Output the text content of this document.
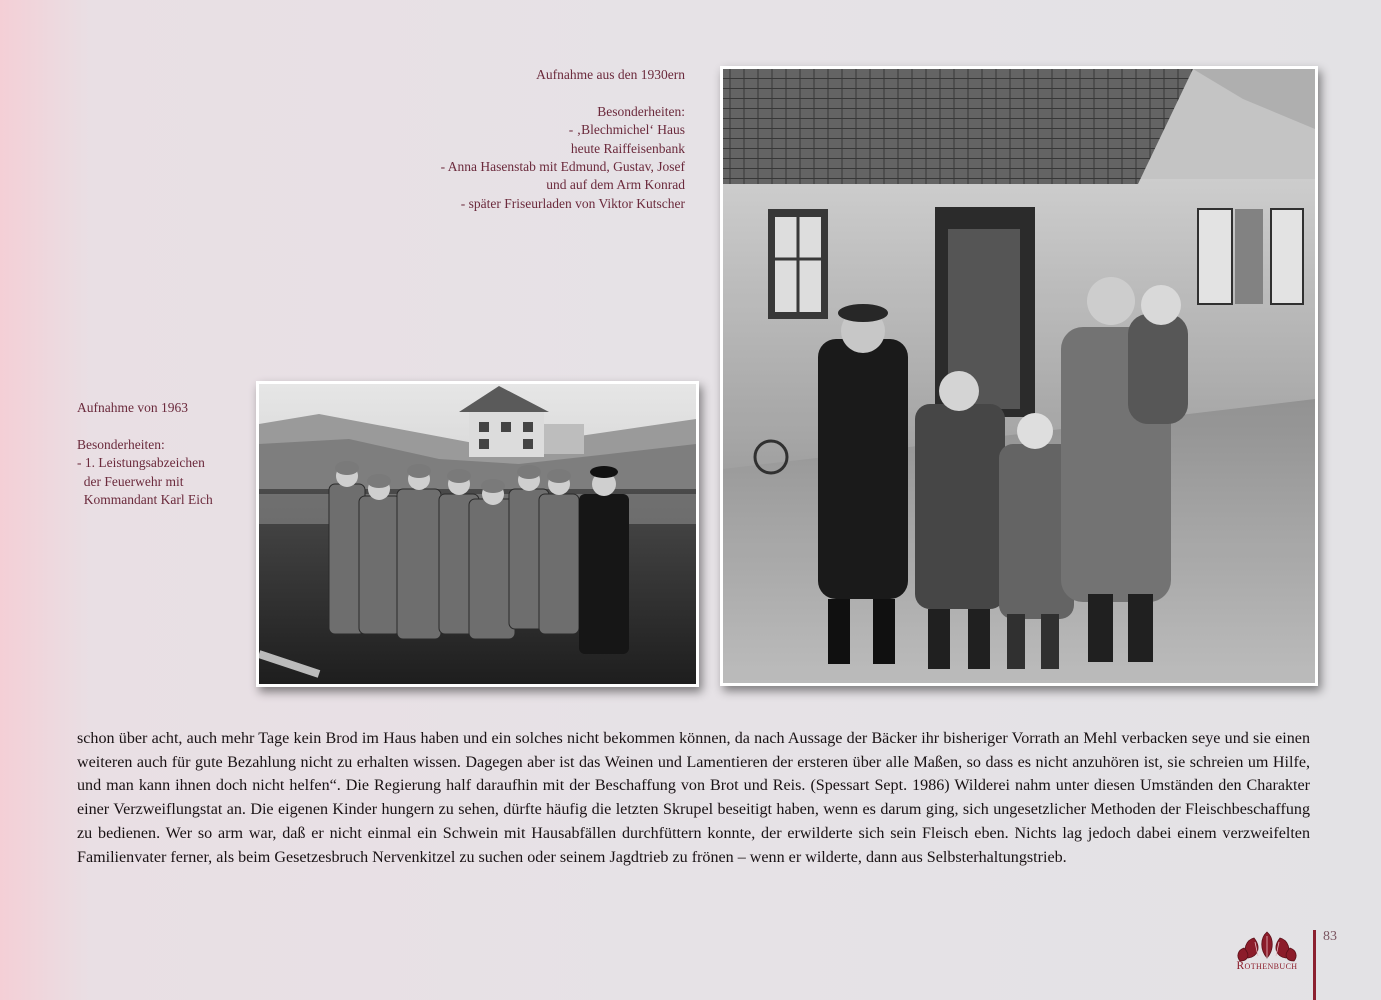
Aufnahme aus den 1930ern
Besonderheiten:
- ‚Blechmichel‘ Haus
heute Raiffeisenbank
- Anna Hasenstab mit Edmund, Gustav, Josef
und auf dem Arm Konrad
- später Friseurladen von Viktor Kutscher
Aufnahme von 1963
Besonderheiten:
- 1. Leistungsabzeichen
der Feuerwehr mit
Kommandant Karl Eich

schon über acht, auch mehr Tage kein Brod im Haus haben und ein solches nicht bekommen können, da nach Aussage der Bäcker ihr bisheriger Vorrath an Mehl verbacken seye und sie einen weiteren auch für gute Bezahlung nicht zu erhalten wissen. Dagegen aber ist das Weinen und Lamentieren der ersteren über alle Maßen, so dass es nicht anzuhören ist, sie schreien um Hilfe, und man kann ihnen doch nicht helfen“. Die Regierung half daraufhin mit der Beschaffung von Brot und Reis. (Spessart Sept. 1986) Wilderei nahm unter diesen Umständen den Charakter einer Verzweiflungstat an. Die eigenen Kinder hungern zu sehen, dürfte häufig die letzten Skrupel beseitigt haben, wenn es darum ging, sich ungesetzlicher Methoden der Fleischbeschaffung zu bedienen. Wer so arm war, daß er nicht einmal ein Schwein mit Hausabfällen durchfüttern konnte, der erwilderte sich sein Fleisch eben. Nichts lag jedoch dabei einem verzweifelten Familienvater ferner, als beim Gesetzesbruch Nervenkitzel zu suchen oder seinem Jagdtrieb zu frönen – wenn er wilderte, dann aus Selbsterhaltungstrieb.

Rothenbuch
83
